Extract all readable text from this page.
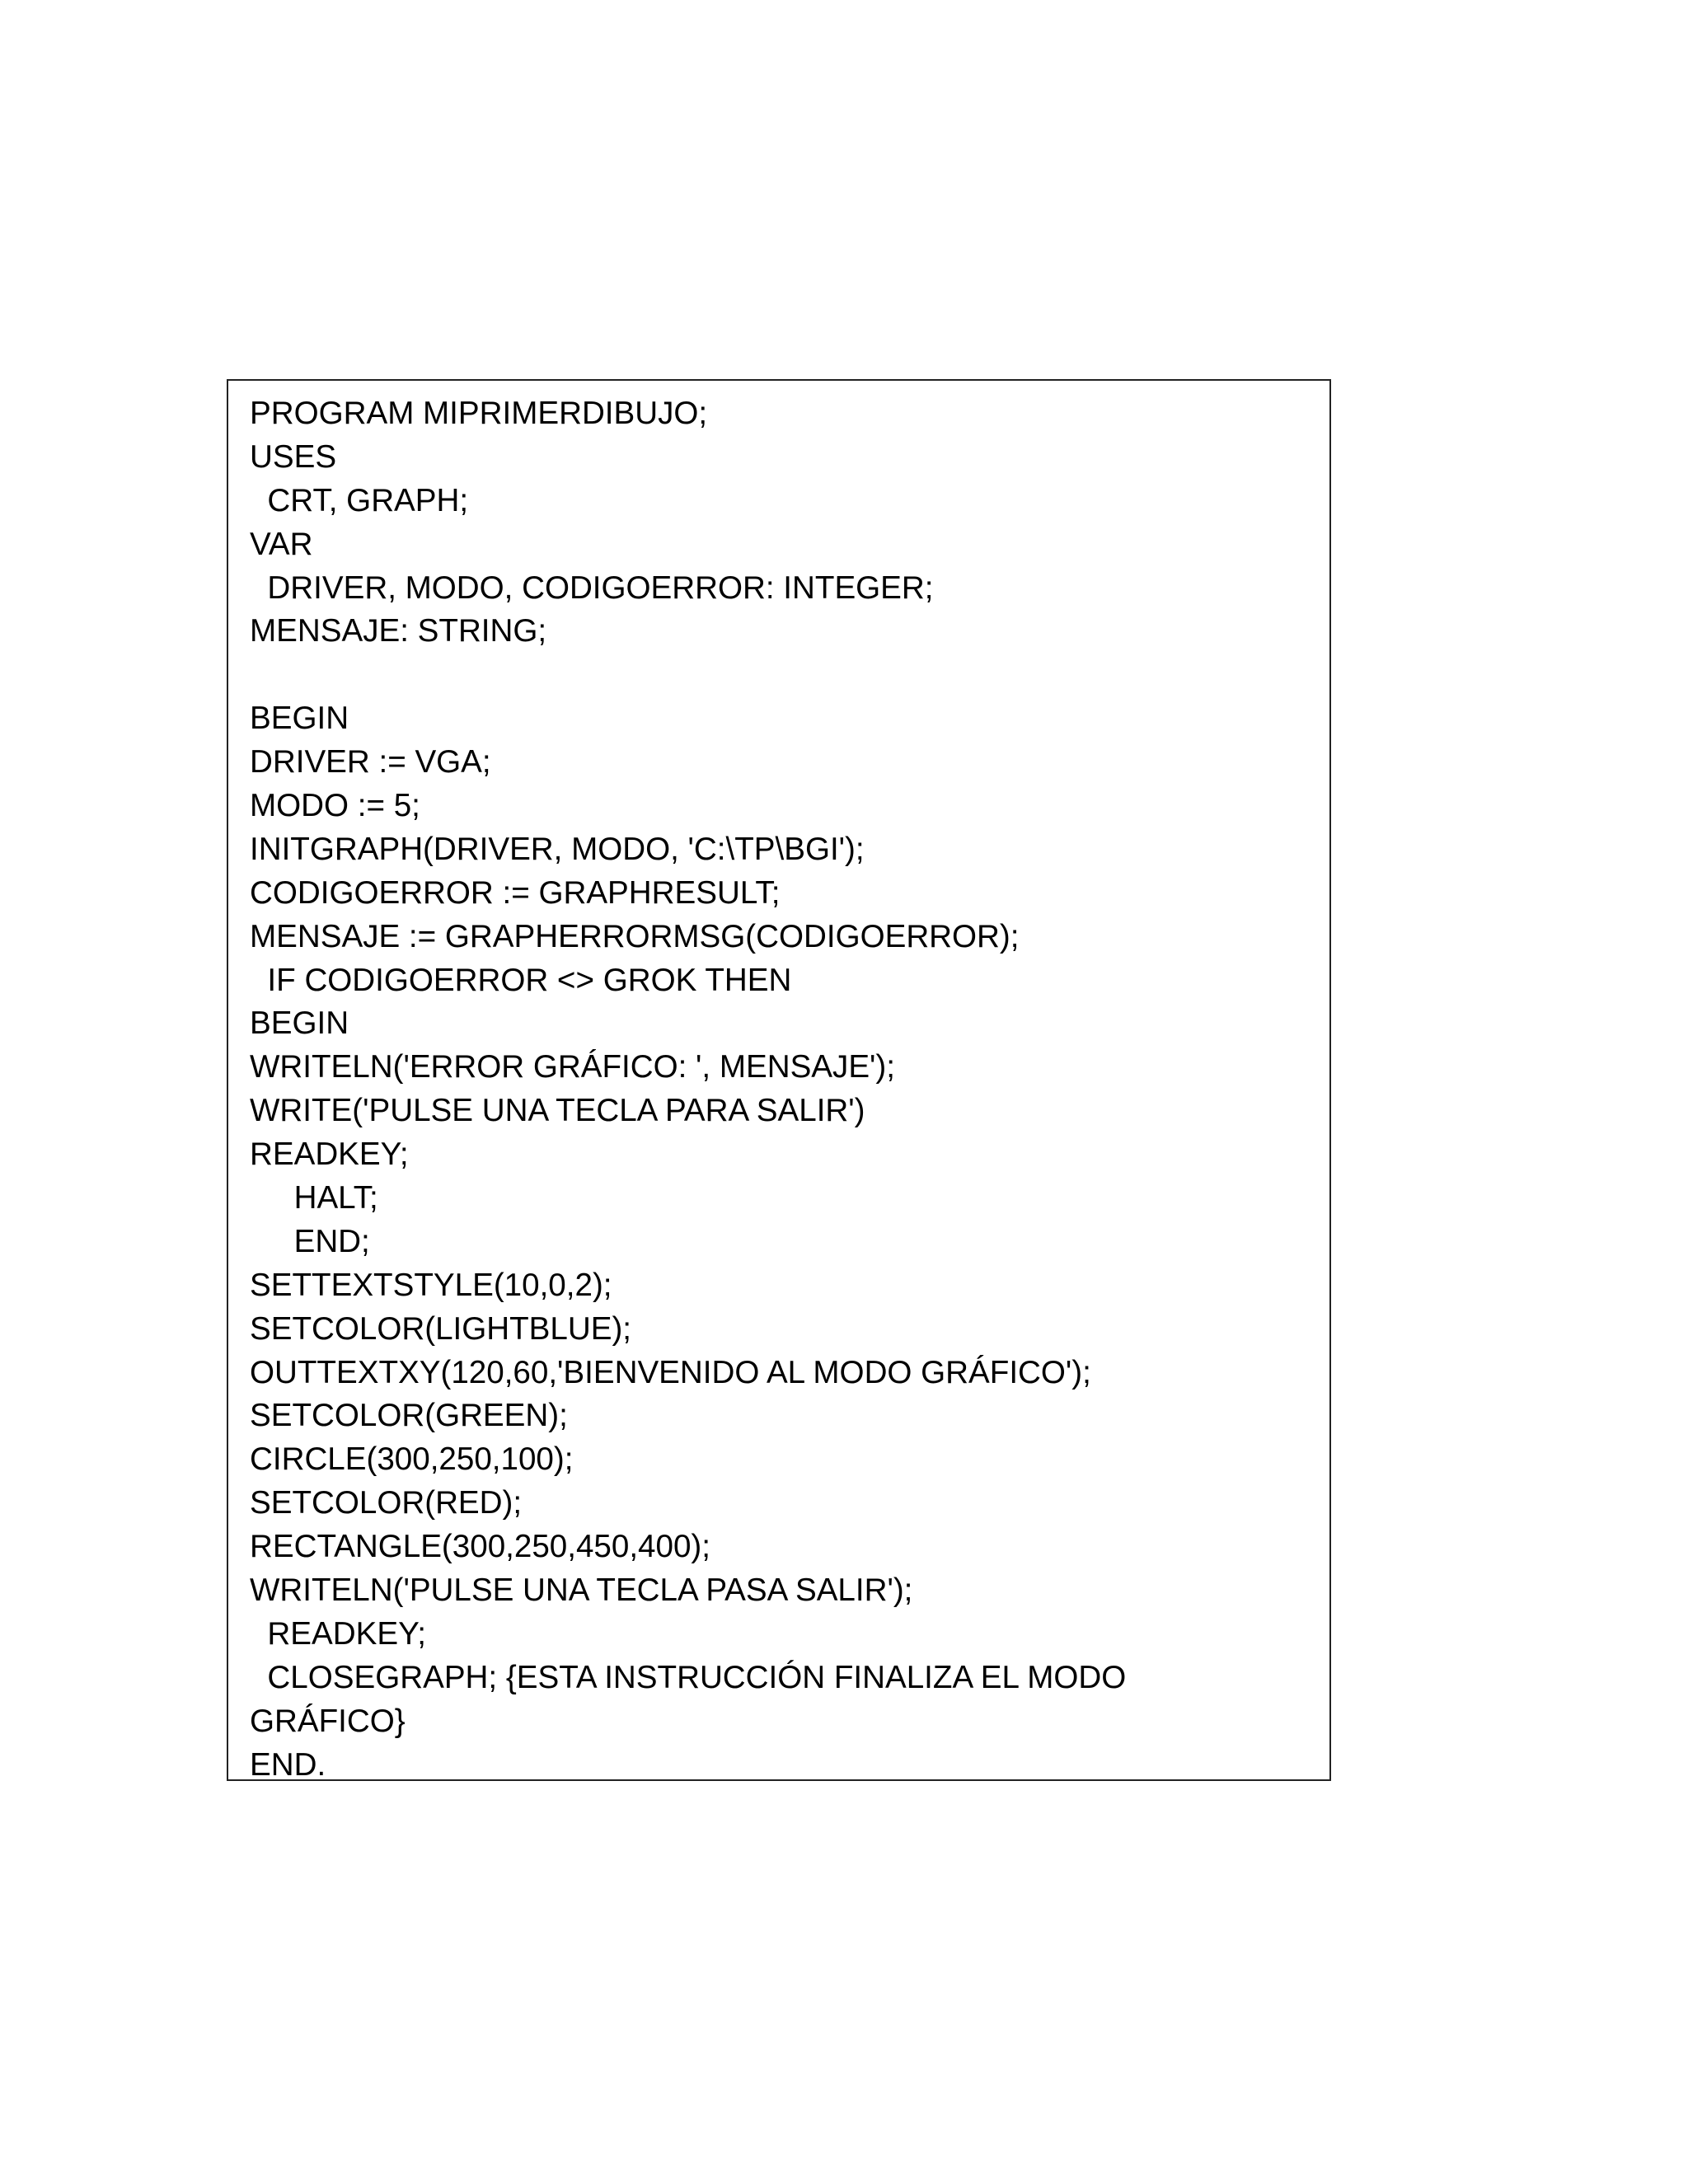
PROGRAM MIPRIMERDIBUJO;
USES
CRT, GRAPH;
VAR
DRIVER, MODO, CODIGOERROR: INTEGER;
MENSAJE: STRING;
BEGIN
DRIVER := VGA;
MODO := 5;
INITGRAPH(DRIVER, MODO, 'C:\TP\BGI');
CODIGOERROR := GRAPHRESULT;
MENSAJE := GRAPHERRORMSG(CODIGOERROR);
IF CODIGOERROR <> GROK THEN
BEGIN
WRITELN('ERROR GRÁFICO: ', MENSAJE');
WRITE('PULSE UNA TECLA PARA SALIR')
READKEY;
HALT;
END;
SETTEXTSTYLE(10,0,2);
SETCOLOR(LIGHTBLUE);
OUTTEXTXY(120,60,'BIENVENIDO AL MODO GRÁFICO');
SETCOLOR(GREEN);
CIRCLE(300,250,100);
SETCOLOR(RED);
RECTANGLE(300,250,450,400);
WRITELN('PULSE UNA TECLA PASA SALIR');
READKEY;
CLOSEGRAPH; {ESTA INSTRUCCIÓN FINALIZA EL MODO
GRÁFICO}
END.
